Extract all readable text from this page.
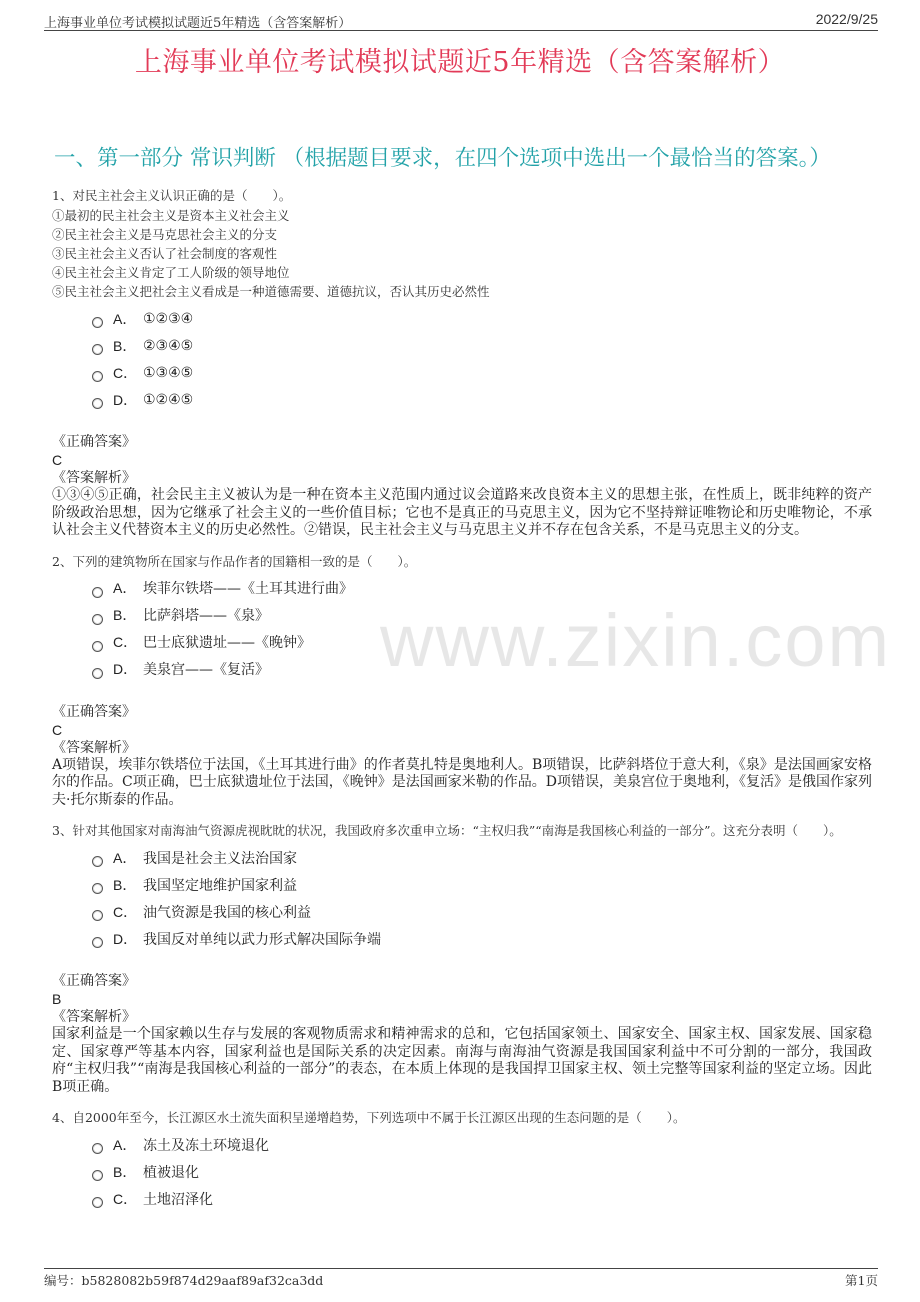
上海事业单位考试模拟试题近5年精选（含答案解析）	2022/9/25
上海事业单位考试模拟试题近5年精选（含答案解析）
一、第一部分 常识判断 （根据题目要求，在四个选项中选出一个最恰当的答案。）
1、对民主社会主义认识正确的是（　　）。
①最初的民主社会主义是资本主义社会主义
②民主社会主义是马克思社会主义的分支
③民主社会主义否认了社会制度的客观性
④民主社会主义肯定了工人阶级的领导地位
⑤民主社会主义把社会主义看成是一种道德需要、道德抗议，否认其历史必然性
A． ①②③④
B． ②③④⑤
C． ①③④⑤
D． ①②④⑤
《正确答案》
C
《答案解析》
①③④⑤正确，社会民主主义被认为是一种在资本主义范围内通过议会道路来改良资本主义的思想主张，在性质上，既非纯粹的资产阶级政治思想，因为它继承了社会主义的一些价值目标；它也不是真正的马克思主义，因为它不坚持辩证唯物论和历史唯物论，不承认社会主义代替资本主义的历史必然性。②错误，民主社会主义与马克思主义并不存在包含关系，不是马克思主义的分支。
2、下列的建筑物所在国家与作品作者的国籍相一致的是（　　）。
A． 埃菲尔铁塔——《土耳其进行曲》
B． 比萨斜塔——《泉》
C． 巴士底狱遗址——《晚钟》
D． 美泉宫——《复活》
《正确答案》
C
《答案解析》
A项错误，埃菲尔铁塔位于法国，《土耳其进行曲》的作者莫扎特是奥地利人。B项错误，比萨斜塔位于意大利，《泉》是法国画家安格尔的作品。C项正确，巴士底狱遗址位于法国，《晚钟》是法国画家米勒的作品。D项错误，美泉宫位于奥地利，《复活》是俄国作家列夫·托尔斯泰的作品。
3、针对其他国家对南海油气资源虎视眈眈的状况，我国政府多次重申立场：“主权归我”“南海是我国核心利益的一部分”。这充分表明（　　）。
A． 我国是社会主义法治国家
B． 我国坚定地维护国家利益
C． 油气资源是我国的核心利益
D． 我国反对单纯以武力形式解决国际争端
《正确答案》
B
《答案解析》
国家利益是一个国家赖以生存与发展的客观物质需求和精神需求的总和，它包括国家领土、国家安全、国家主权、国家发展、国家稳定、国家尊严等基本内容，国家利益也是国际关系的决定因素。南海与南海油气资源是我国国家利益中不可分割的一部分，我国政府“主权归我”“南海是我国核心利益的一部分”的表态，在本质上体现的是我国捍卫国家主权、领土完整等国家利益的坚定立场。因此B项正确。
4、自2000年至今，长江源区水土流失面积呈递增趋势，下列选项中不属于长江源区出现的生态问题的是（　　）。
A． 冻土及冻土环境退化
B． 植被退化
C． 土地沼泽化
www.zixin.com
编号：b5828082b59f874d29aaf89af32ca3dd	第1页
